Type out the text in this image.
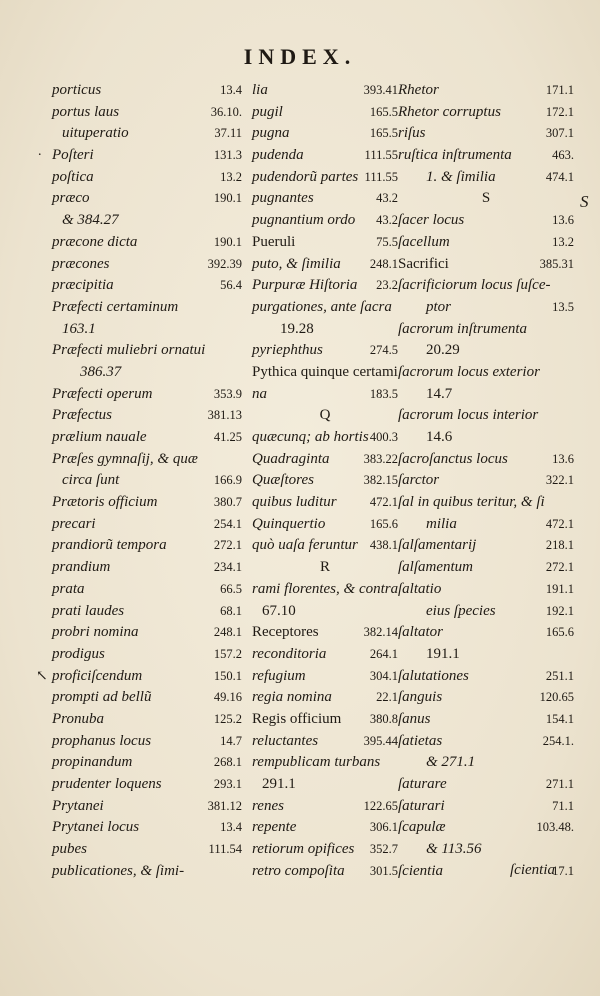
INDEX.
.
↖
porticus	13.4
portus laus	36.10.
uituperatio	37.11
Poſteri	131.3
poſtica	13.2
præco	190.1
& 384.27
præcone dicta	190.1
præcones	392.39
præcipitia	56.4
Præfecti certaminum
163.1
Præfecti muliebri ornatui
386.37
Præfecti operum	353.9
Præfectus	381.13
prælium nauale	41.25
Præſes gymnaſij, & quæ
circa ſunt	166.9
Prætoris officium	380.7
precari	254.1
prandiorũ tempora	272.1
prandium	234.1
prata	66.5
prati laudes	68.1
probri nomina	248.1
prodigus	157.2
proficiſcendum	150.1
prompti ad bellũ	49.16
Pronuba	125.2
prophanus locus	14.7
propinandum	268.1
prudenter loquens	293.1
Prytanei	381.12
Prytanei locus	13.4
pubes	111.54
publicationes, & ſimi-
lia	393.41
pugil	165.5
pugna	165.5
pudenda	111.55
pudendorũ partes 111.55
pugnantes	43.2
pugnantium ordo 43.2
Pueruli	75.5
puto, & ſimilia 248.1
Purpuræ Hiſtoria 23.2
purgationes, ante ſacra
19.28
pyriephthus	274.5
Pythica quinque certami
na	183.5
Q
quæcunq; ab hortis 400.3
Quadraginta	383.22
Quæſtores	382.15
quibus luditur	472.1
Quinquertio	165.6
quò uaſa feruntur 438.1
R
rami florentes, & contra
67.10
Receptores	382.14
reconditoria	264.1
refugium	304.1
regia nomina	22.1
Regis officium 380.8
reluctantes	395.44
rempublicam turbans
291.1
renes	122.65
repente	306.1
retiorum opifices 352.7
retro compoſita 301.5
Rhetor	171.1
Rhetor corruptus	172.1
riſus	307.1
ruſtica inſtrumenta	463.
1. & ſimilia	474.1
S
ſacer locus	13.6
ſacellum	13.2
Sacrifici	385.31
ſacrificiorum locus ſuſce-
ptor	13.5
ſacrorum inſtrumenta
20.29
ſacrorum locus exterior
14.7
ſacrorum locus interior
14.6
ſacroſanctus locus	13.6
ſarctor	322.1
ſal in quibus teritur, & ſi
milia	472.1
ſalſamentarij	218.1
ſalſamentum	272.1
ſaltatio	191.1
eius ſpecies	192.1
ſaltator	165.6
191.1
ſalutationes	251.1
ſanguis	120.65
ſanus	154.1
ſatietas	254.1.
& 271.1
ſaturare	271.1
ſaturari	71.1
ſcapulæ	103.48.
& 113.56
ſcientia	17.1
S
ſcientia
